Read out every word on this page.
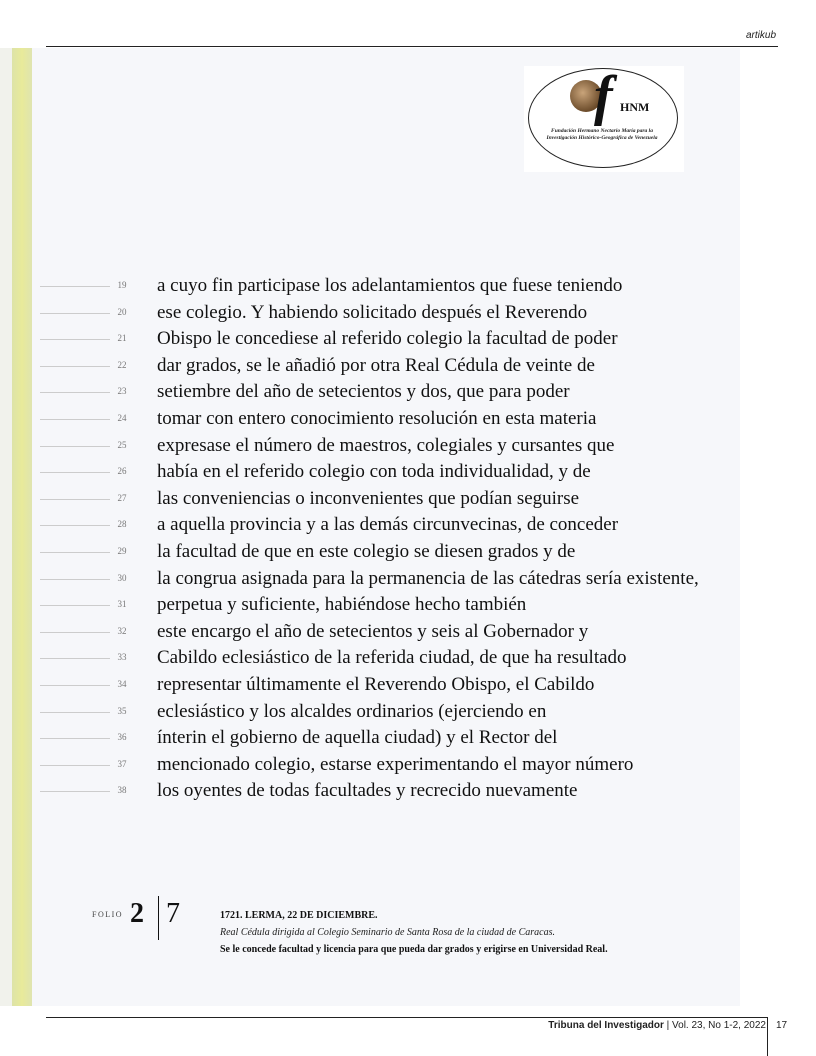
artikub
f HNM
Fundación Hermano Nectario María para la Investigación Histórico-Geográfica de Venezuela
19	a cuyo fin participase los adelantamientos que fuese teniendo
20	ese colegio. Y habiendo solicitado después el Reverendo
21	Obispo le concediese al referido colegio la facultad de poder
22	dar grados, se le añadió por otra Real Cédula de veinte de
23	setiembre del año de setecientos y dos, que para poder
24	tomar con entero conocimiento resolución en esta materia
25	expresase el número de maestros, colegiales y cursantes que
26	había en el referido colegio con toda individualidad, y de
27	las conveniencias o inconvenientes que podían seguirse
28	a aquella provincia y a las demás circunvecinas, de conceder
29	la facultad de que en este colegio se diesen grados y de
30	la congrua asignada para la permanencia de las cátedras sería existente,
31	perpetua y suficiente, habiéndose hecho también
32	este encargo el año de setecientos y seis al Gobernador y
33	Cabildo eclesiástico de la referida ciudad, de que ha resultado
34	representar últimamente el Reverendo Obispo, el Cabildo
35	eclesiástico y los alcaldes ordinarios (ejerciendo en
36	ínterin el gobierno de aquella ciudad) y el Rector del
37	mencionado colegio, estarse experimentando el mayor número
38	los oyentes de todas facultades y recrecido nuevamente
FOLIO 2 7	1721. LERMA, 22 DE DICIEMBRE.
Real Cédula dirigida al Colegio Seminario de Santa Rosa de la ciudad de Caracas.
Se le concede facultad y licencia para que pueda dar grados y erigirse en Universidad Real.
Tribuna del Investigador | Vol. 23, No 1-2, 2022 17
